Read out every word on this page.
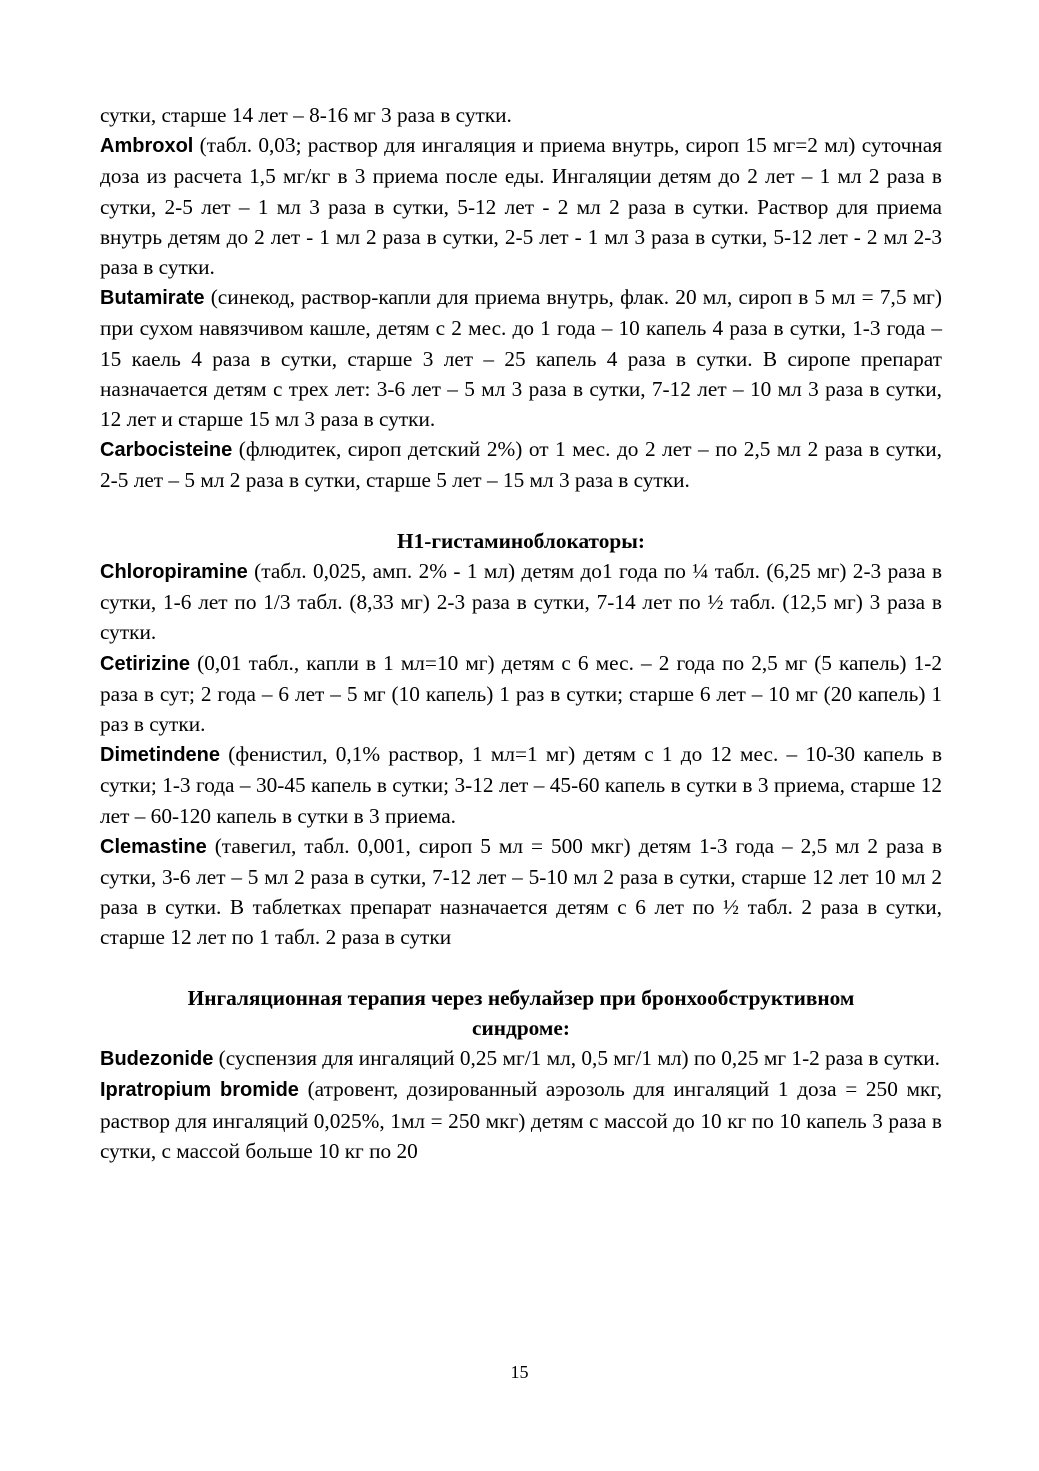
сутки, старше 14 лет – 8-16 мг 3 раза в сутки.

Ambroxol (табл. 0,03; раствор для ингаляция и приема внутрь, сироп 15 мг=2 мл) суточная доза из расчета 1,5 мг/кг в 3 приема после еды. Ингаляции детям до 2 лет – 1 мл 2 раза в сутки, 2-5 лет – 1 мл 3 раза в сутки, 5-12 лет - 2 мл 2 раза в сутки. Раствор для приема внутрь детям до 2 лет - 1 мл 2 раза в сутки, 2-5 лет - 1 мл 3 раза в сутки, 5-12 лет - 2 мл 2-3 раза в сутки.

Butamirate (синекод, раствор-капли для приема внутрь, флак. 20 мл, сироп в 5 мл = 7,5 мг) при сухом навязчивом кашле, детям с 2 мес. до 1 года – 10 капель 4 раза в сутки, 1-3 года – 15 каель 4 раза в сутки, старше 3 лет – 25 капель 4 раза в сутки. В сиропе препарат назначается детям с трех лет: 3-6 лет – 5 мл 3 раза в сутки, 7-12 лет – 10 мл 3 раза в сутки, 12 лет и старше 15 мл 3 раза в сутки.

Carbocisteine (флюдитек, сироп детский 2%) от 1 мес. до 2 лет – по 2,5 мл 2 раза в сутки, 2-5 лет – 5 мл 2 раза в сутки, старше 5 лет – 15 мл 3 раза в сутки.

Н1-гистаминоблокаторы:

Chloropiramine (табл. 0,025, амп. 2% - 1 мл) детям до1 года по ¼ табл. (6,25 мг) 2-3 раза в сутки, 1-6 лет по 1/3 табл. (8,33 мг) 2-3 раза в сутки, 7-14 лет по ½ табл. (12,5 мг) 3 раза в сутки.

Cetirizine (0,01 табл., капли в 1 мл=10 мг) детям с 6 мес. – 2 года по 2,5 мг (5 капель) 1-2 раза в сут; 2 года – 6 лет – 5 мг (10 капель) 1 раз в сутки; старше 6 лет – 10 мг (20 капель) 1 раз в сутки.

Dimetindene (фенистил, 0,1% раствор, 1 мл=1 мг) детям с 1 до 12 мес. – 10-30 капель в сутки; 1-3 года – 30-45 капель в сутки; 3-12 лет – 45-60 капель в сутки в 3 приема, старше 12 лет – 60-120 капель в сутки в 3 приема.

Clemastine (тавегил, табл. 0,001, сироп 5 мл = 500 мкг) детям 1-3 года – 2,5 мл 2 раза в сутки, 3-6 лет – 5 мл 2 раза в сутки, 7-12 лет – 5-10 мл 2 раза в сутки, старше 12 лет 10 мл 2 раза в сутки. В таблетках препарат назначается детям с 6 лет по ½ табл. 2 раза в сутки, старше 12 лет по 1 табл. 2 раза в сутки

Ингаляционная терапия через небулайзер при бронхообструктивном

синдроме:

Budezonide (суспензия для ингаляций 0,25 мг/1 мл, 0,5 мг/1 мл) по 0,25 мг 1-2 раза в сутки.

Ipratropium bromide (атровент, дозированный аэрозоль для ингаляций 1 доза = 250 мкг, раствор для ингаляций 0,025%, 1мл = 250 мкг) детям с массой до 10 кг по 10 капель 3 раза в сутки, с массой больше 10 кг по 20

15
